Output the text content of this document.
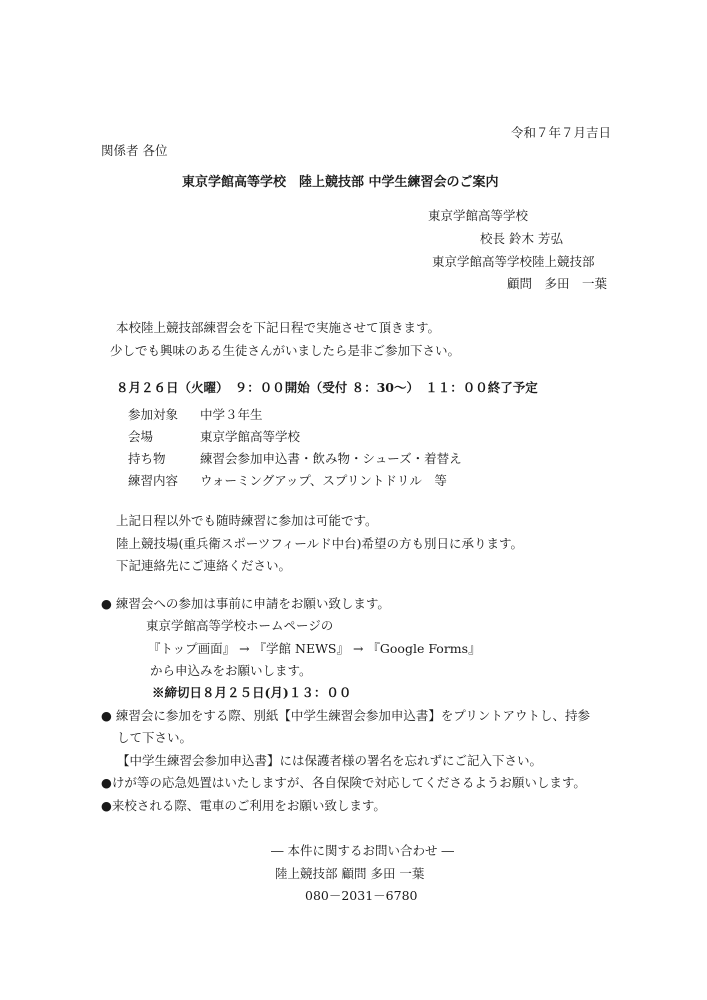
令和７年７月吉日
関係者 各位
東京学館高等学校　陸上競技部 中学生練習会のご案内
東京学館高等学校
校長 鈴木 芳弘
東京学館高等学校陸上競技部
顧問　多田　一葉
本校陸上競技部練習会を下記日程で実施させて頂きます。
少しでも興味のある生徒さんがいましたら是非ご参加下さい。
８月２６日（火曜）　９：００開始（受付 ８：30〜）　１１：００終了予定
参加対象 中学３年生
会場	東京学館高等学校
持ち物	練習会参加申込書・飲み物・シューズ・着替え
練習内容 ウォーミングアップ、スプリントドリル　等
上記日程以外でも随時練習に参加は可能です。
陸上競技場(重兵衛スポーツフィールド中台)希望の方も別日に承ります。
下記連絡先にご連絡ください。
● 練習会への参加は事前に申請をお願い致します。
東京学館高等学校ホームページの
『トップ画面』 → 『学館 NEWS』 → 『Google Forms』
から申込みをお願いします。
※締切日８月２５日(月)１３：００
● 練習会に参加をする際、別紙【中学生練習会参加申込書】をプリントアウトし、持参
して下さい。
【中学生練習会参加申込書】には保護者様の署名を忘れずにご記入下さい。
●けが等の応急処置はいたしますが、各自保険で対応してくださるようお願いします。
●来校される際、電車のご利用をお願い致します。
― 本件に関するお問い合わせ ―
陸上競技部 顧問 多田 一葉
080－2031－6780
